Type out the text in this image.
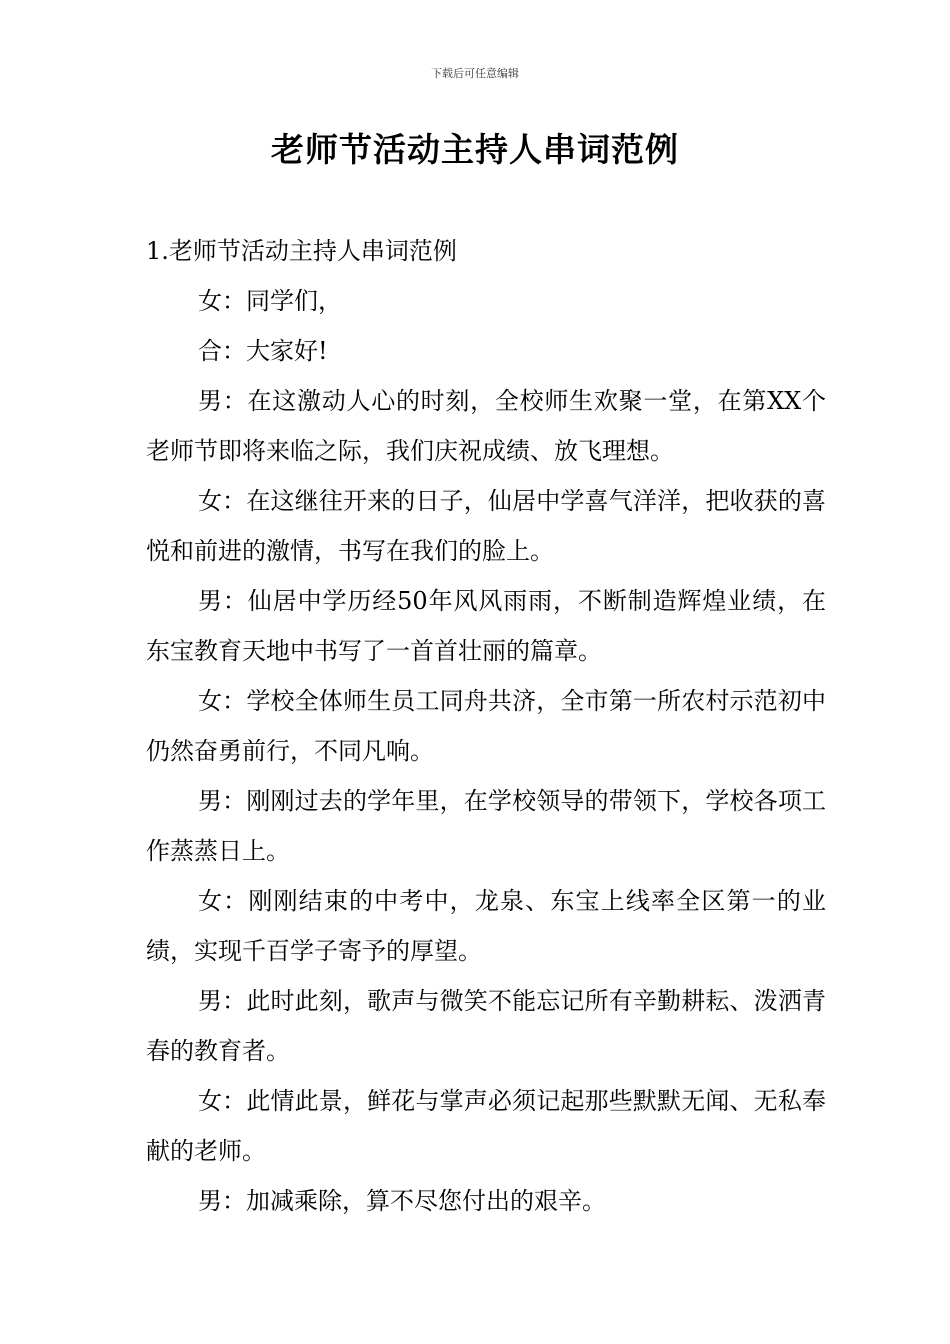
下载后可任意编辑
老师节活动主持人串词范例

1.老师节活动主持人串词范例

女：同学们，

合：大家好!

男：在这激动人心的时刻，全校师生欢聚一堂，在第XX个老师节即将来临之际，我们庆祝成绩、放飞理想。

女：在这继往开来的日子，仙居中学喜气洋洋，把收获的喜悦和前进的激情，书写在我们的脸上。

男：仙居中学历经50年风风雨雨，不断制造辉煌业绩，在东宝教育天地中书写了一首首壮丽的篇章。

女：学校全体师生员工同舟共济，全市第一所农村示范初中仍然奋勇前行，不同凡响。

男：刚刚过去的学年里，在学校领导的带领下，学校各项工作蒸蒸日上。

女：刚刚结束的中考中，龙泉、东宝上线率全区第一的业绩，实现千百学子寄予的厚望。

男：此时此刻，歌声与微笑不能忘记所有辛勤耕耘、泼洒青春的教育者。

女：此情此景，鲜花与掌声必须记起那些默默无闻、无私奉献的老师。

男：加减乘除，算不尽您付出的艰辛。
